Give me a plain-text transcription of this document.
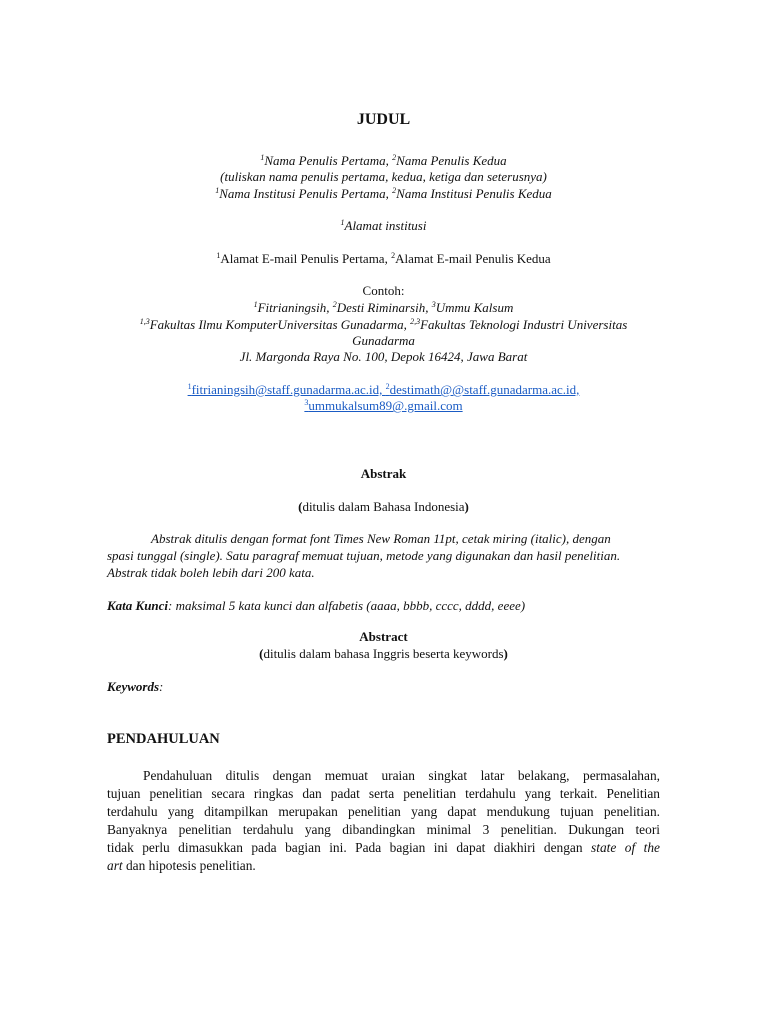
JUDUL
$^1$Nama Penulis Pertama, $^2$Nama Penulis Kedua
(tuliskan nama penulis pertama, kedua, ketiga dan seterusnya)
$^1$Nama Institusi Penulis Pertama, $^2$Nama Institusi Penulis Kedua
$^1$Alamat institusi
$^1$Alamat E-mail Penulis Pertama, $^2$Alamat E-mail Penulis Kedua
Contoh:
$^1$Fitrianingsih, $^2$Desti Riminarsih, $^3$Ummu Kalsum
$^{1,3}$Fakultas Ilmu KomputerUniversitas Gunadarma, $^{2,3}$Fakultas Teknologi Industri Universitas
Gunadarma
Jl. Margonda Raya No. 100, Depok 16424, Jawa Barat
$^1$fitrianingsih@staff.gunadarma.ac.id, $^2$destimath@@staff.gunadarma.ac.id,
$^3$ummukalsum89@.gmail.com
Abstrak
(ditulis dalam Bahasa Indonesia)
Abstrak ditulis dengan format font Times New Roman 11pt, cetak miring (italic), dengan
spasi tunggal (single). Satu paragraf memuat tujuan, metode yang digunakan dan hasil penelitian.
Abstrak tidak boleh lebih dari 200 kata.
Kata Kunci: maksimal 5 kata kunci dan alfabetis (aaaa, bbbb, cccc, dddd, eeee)
Abstract
(ditulis dalam bahasa Inggris beserta keywords)
Keywords:
PENDAHULUAN
Pendahuluan ditulis dengan memuat uraian singkat latar belakang, permasalahan,
tujuan penelitian secara ringkas dan padat serta penelitian terdahulu yang terkait. Penelitian
terdahulu yang ditampilkan merupakan penelitian yang dapat mendukung tujuan penelitian.
Banyaknya penelitian terdahulu yang dibandingkan minimal 3 penelitian. Dukungan teori
tidak perlu dimasukkan pada bagian ini. Pada bagian ini dapat diakhiri dengan state of the
art dan hipotesis penelitian.
